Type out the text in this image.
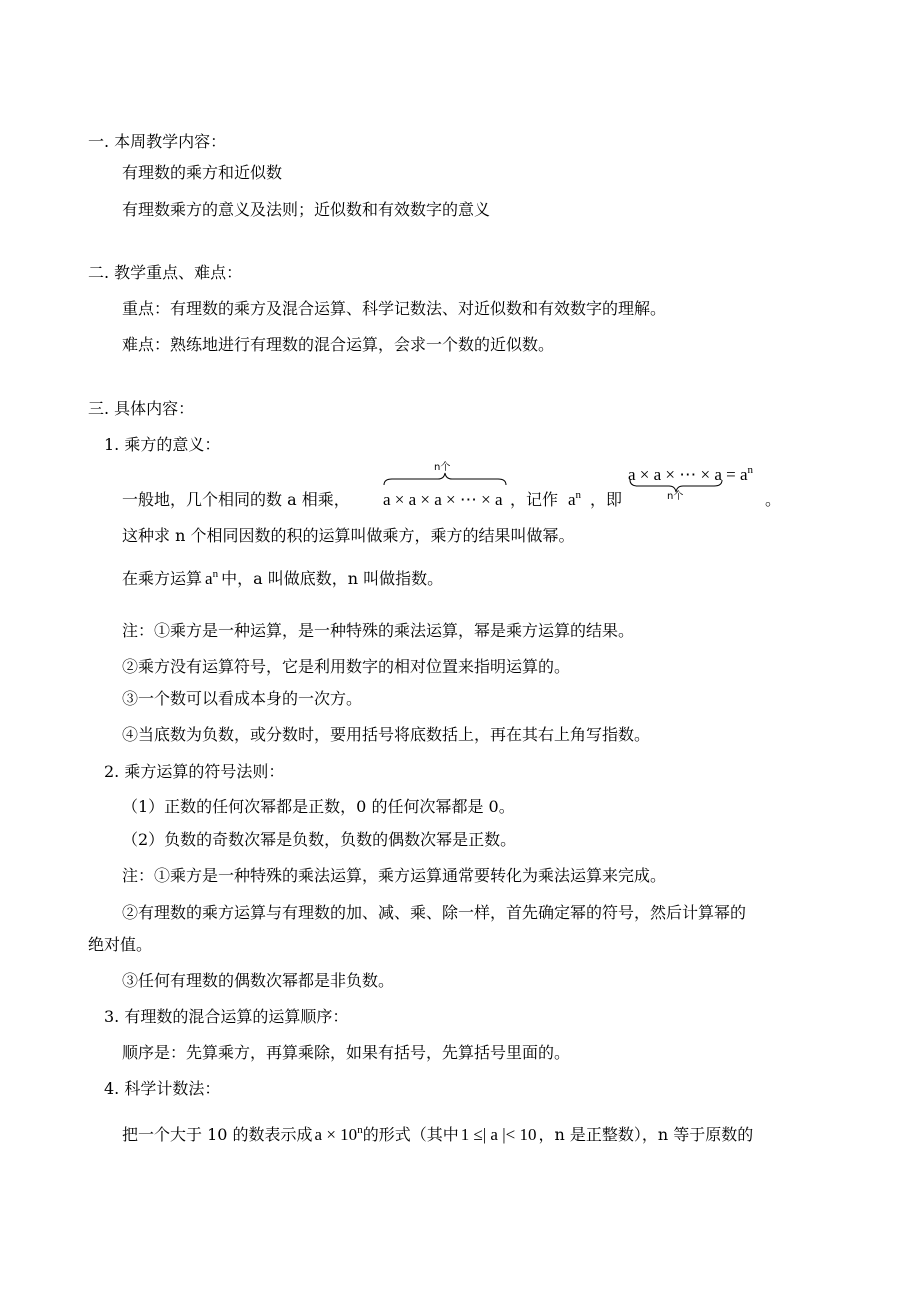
一. 本周教学内容：
有理数的乘方和近似数
有理数乘方的意义及法则；近似数和有效数字的意义
二. 教学重点、难点：
重点：有理数的乘方及混合运算、科学记数法、对近似数和有效数字的理解。
难点：熟练地进行有理数的混合运算，会求一个数的近似数。
三. 具体内容：
1. 乘方的意义：
一般地，几个相同的数 a 相乘，
n个
a × a × a × ⋯ × a ，记作 $a^n$ ，即
a × a × ⋯ × $a = a^n$
n个	。
这种求 n 个相同因数的积的运算叫做乘方，乘方的结果叫做幂。
在乘方运算 $a^n$ 中，a 叫做底数，n 叫做指数。
注：①乘方是一种运算，是一种特殊的乘法运算，幂是乘方运算的结果。
②乘方没有运算符号，它是利用数字的相对位置来指明运算的。
③一个数可以看成本身的一次方。
④当底数为负数，或分数时，要用括号将底数括上，再在其右上角写指数。
2. 乘方运算的符号法则：
（1）正数的任何次幂都是正数，0 的任何次幂都是 0。
（2）负数的奇数次幂是负数，负数的偶数次幂是正数。
注：①乘方是一种特殊的乘法运算，乘方运算通常要转化为乘法运算来完成。
②有理数的乘方运算与有理数的加、减、乘、除一样，首先确定幂的符号，然后计算幂的
绝对值。
③任何有理数的偶数次幂都是非负数。
3. 有理数的混合运算的运算顺序：
顺序是：先算乘方，再算乘除，如果有括号，先算括号里面的。
4. 科学计数法：
把一个大于 10 的数表示成 $a \times 10^n$的形式（其中 1 ≤| a |< 10 ，n 是正整数），n 等于原数的
